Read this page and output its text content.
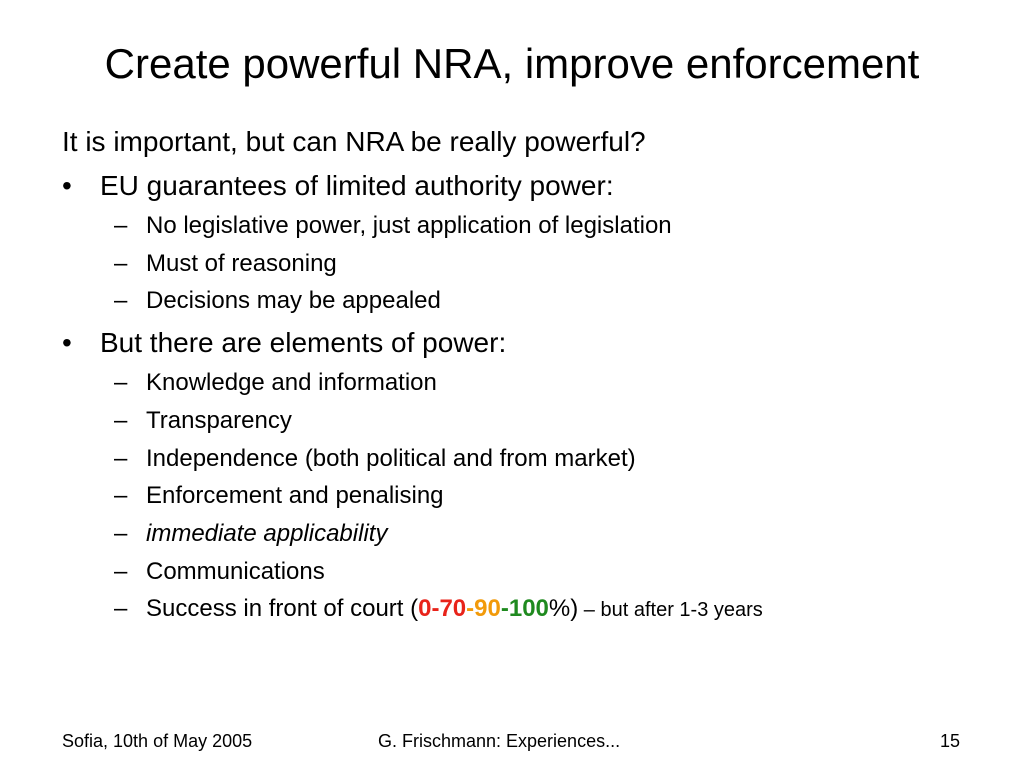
Create powerful NRA, improve enforcement
It is important, but can NRA be really powerful?
• EU guarantees of limited authority power:
– No legislative power, just application of legislation
– Must of reasoning
– Decisions may be appealed
• But there are elements of power:
– Knowledge and information
– Transparency
– Independence (both political and from market)
– Enforcement and penalising
– immediate applicability
– Communications
– Success in front of court (0-70-90-100%) – but after 1-3 years
Sofia, 10th of May 2005	G. Frischmann: Experiences...	15
